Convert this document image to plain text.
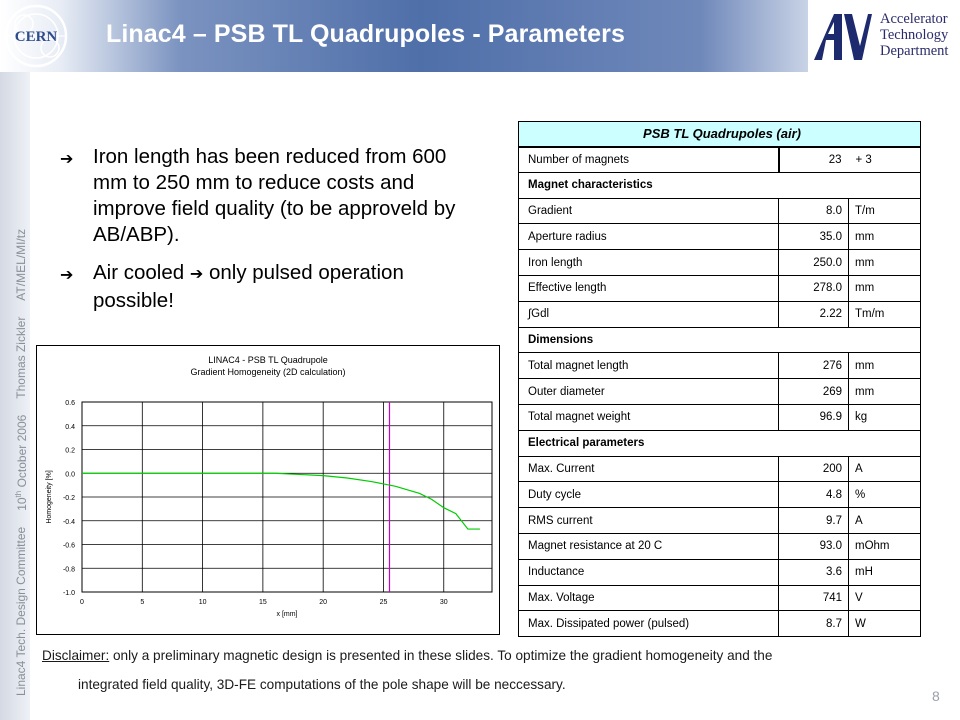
CERN Linac4 – PSB TL Quadrupoles - Parameters
Accelerator
Technology
Department
Linac4 Tech. Design Committee
10th October 2006
Thomas Zickler
AT/MEL/MI/tz
➔ Iron length has been reduced from 600 mm to 250 mm to reduce costs and improve field quality (to be approveld by AB/ABP).
➔ Air cooled ➔ only pulsed operation possible!
0.6
0.4
0.2
0.0
-0.2
-0.4
-0.6
-0.8
-1.0
0	5	10	15	20	25	30
LINAC4 - PSB TL Quadrupole
Gradient Homogeneity (2D calculation)
x [mm]
Homogeneity [%]
PSB TL Quadrupoles (air)		
Number of magnets	23 + 3	
Magnet characteristics		
Gradient	8.0	T/m
Aperture radius	35.0	mm
Iron length	250.0	mm
Effective length	278.0	mm
∫Gdl	2.22	Tm/m
Dimensions		
Total magnet length	276	mm
Outer diameter	269	mm
Total magnet weight	96.9	kg
Electrical parameters		
Max. Current	200	A
Duty cycle	4.8	%
RMS current	9.7	A
Magnet resistance at 20 C	93.0	mOhm
Inductance	3.6	mH
Max. Voltage	741	V
Max. Dissipated power (pulsed)	8.7	W
Disclaimer: only a preliminary magnetic design is presented in these slides. To optimize the gradient homogeneity and the
integrated field quality, 3D-FE computations of the pole shape will be neccessary.
8
